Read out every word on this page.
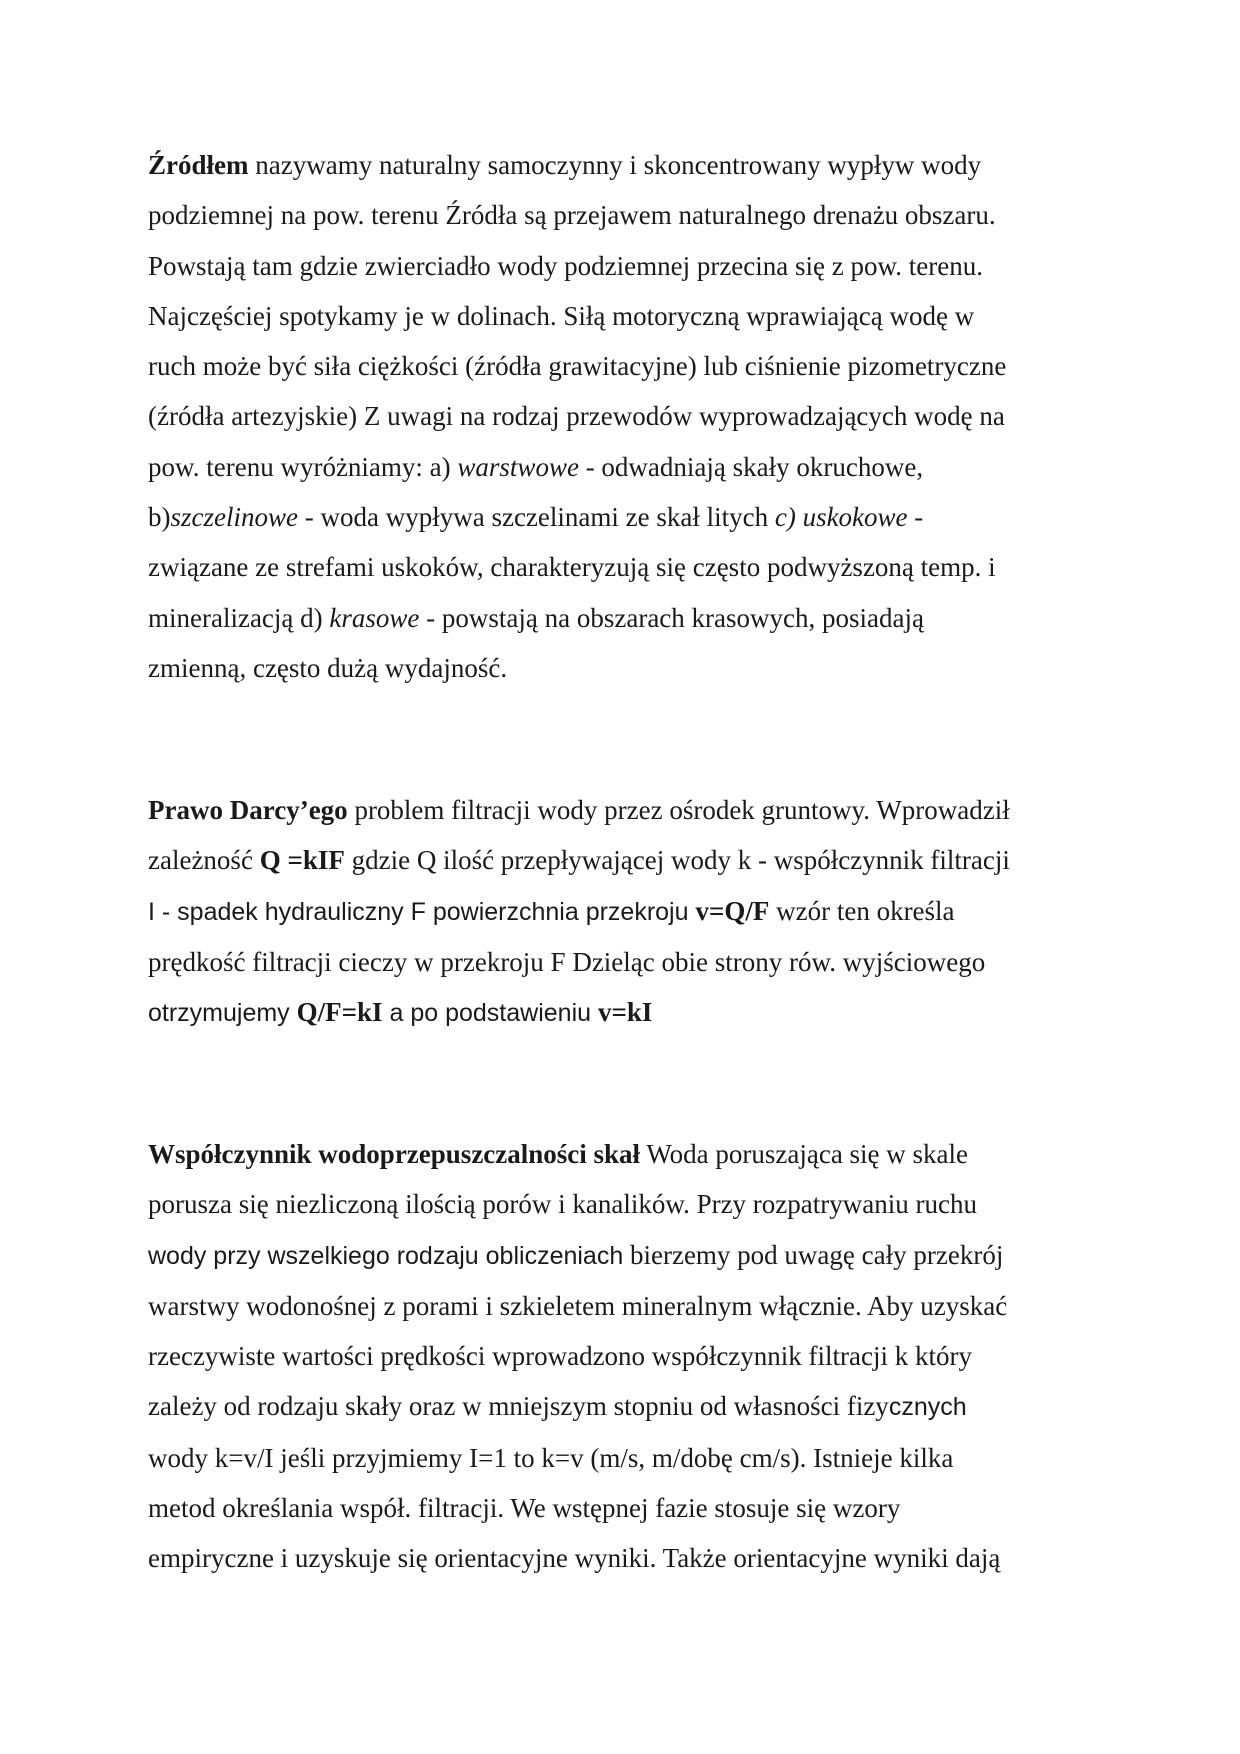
Źródłem nazywamy naturalny samoczynny i skoncentrowany wypływ wody
podziemnej na pow. terenu Źródła są przejawem naturalnego drenażu obszaru.
Powstają tam gdzie zwierciadło wody podziemnej przecina się z pow. terenu.
Najczęściej spotykamy je w dolinach. Siłą motoryczną wprawiającą wodę w
ruch może być siła ciężkości (źródła grawitacyjne) lub ciśnienie pizometryczne
(źródła artezyjskie) Z uwagi na rodzaj przewodów wyprowadzających wodę na
pow. terenu wyróżniamy: a) warstwowe - odwadniają skały okruchowe,
b)szczelinowe - woda wypływa szczelinami ze skał litych c) uskokowe -
związane ze strefami uskoków, charakteryzują się często podwyższoną temp. i
mineralizacją d) krasowe - powstają na obszarach krasowych, posiadają
zmienną, często dużą wydajność.
Prawo Darcy’ego problem filtracji wody przez ośrodek gruntowy. Wprowadził
zależność Q =kIF gdzie Q ilość przepływającej wody k - współczynnik filtracji
I - spadek hydrauliczny F powierzchnia przekroju v=Q/F wzór ten określa
prędkość filtracji cieczy w przekroju F Dzieląc obie strony rów. wyjściowego
otrzymujemy Q/F=kI a po podstawieniu v=kI
Współczynnik wodoprzepuszczalności skał Woda poruszająca się w skale
porusza się niezliczoną ilością porów i kanalików. Przy rozpatrywaniu ruchu
wody przy wszelkiego rodzaju obliczeniach bierzemy pod uwagę cały przekrój
warstwy wodonośnej z porami i szkieletem mineralnym włącznie. Aby uzyskać
rzeczywiste wartości prędkości wprowadzono współczynnik filtracji k który
zależy od rodzaju skały oraz w mniejszym stopniu od własności fizycznych
wody k=v/I jeśli przyjmiemy I=1 to k=v (m/s, m/dobę cm/s). Istnieje kilka
metod określania współ. filtracji. We wstępnej fazie stosuje się wzory
empiryczne i uzyskuje się orientacyjne wyniki. Także orientacyjne wyniki dają
